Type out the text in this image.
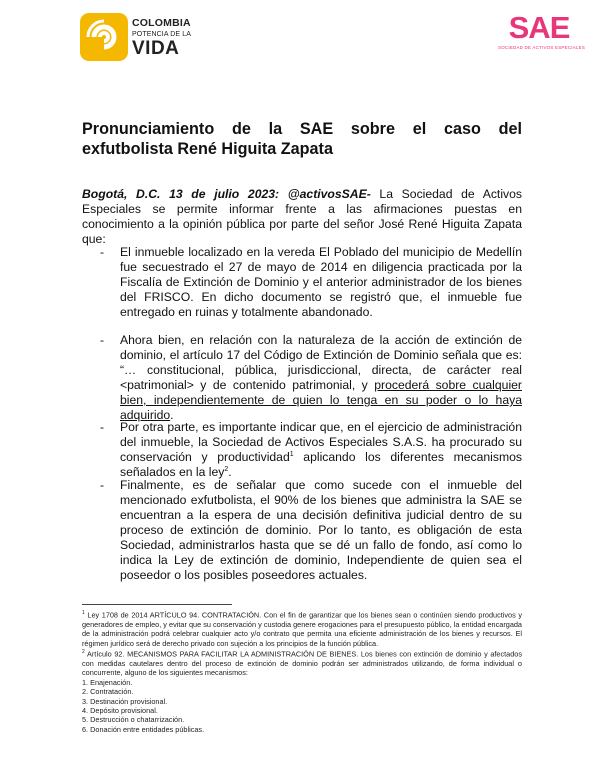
COLOMBIA
POTENCIA DE LA
VIDA
SAE
SOCIEDAD DE ACTIVOS ESPECIALES
Pronunciamiento de la SAE sobre el caso del exfutbolista René Higuita Zapata

Bogotá, D.C. 13 de julio 2023: @activosSAE- La Sociedad de Activos Especiales se permite informar frente a las afirmaciones puestas en conocimiento a la opinión pública por parte del señor José René Higuita Zapata que:

- El inmueble localizado en la vereda El Poblado del municipio de Medellín fue secuestrado el 27 de mayo de 2014 en diligencia practicada por la Fiscalía de Extinción de Dominio y el anterior administrador de los bienes del FRISCO. En dicho documento se registró que, el inmueble fue entregado en ruinas y totalmente abandonado.

- Ahora bien, en relación con la naturaleza de la acción de extinción de dominio, el artículo 17 del Código de Extinción de Dominio señala que es: “… constitucional, pública, jurisdiccional, directa, de carácter real <patrimonial> y de contenido patrimonial, y procederá sobre cualquier bien, independientemente de quien lo tenga en su poder o lo haya adquirido.

- Por otra parte, es importante indicar que, en el ejercicio de administración del inmueble, la Sociedad de Activos Especiales S.A.S. ha procurado su conservación y productividad$^1$ aplicando los diferentes mecanismos señalados en la ley$^2$.

- Finalmente, es de señalar que como sucede con el inmueble del mencionado exfutbolista, el 90% de los bienes que administra la SAE se encuentran a la espera de una decisión definitiva judicial dentro de su proceso de extinción de dominio. Por lo tanto, es obligación de esta Sociedad, administrarlos hasta que se dé un fallo de fondo, así como lo indica la Ley de extinción de dominio, Independiente de quien sea el poseedor o los posibles poseedores actuales.

$^1$ Ley 1708 de 2014 ARTÍCULO 94. CONTRATACIÓN. Con el fin de garantizar que los bienes sean o continúen siendo productivos y generadores de empleo, y evitar que su conservación y custodia genere erogaciones para el presupuesto público, la entidad encargada de la administración podrá celebrar cualquier acto y/o contrato que permita una eficiente administración de los bienes y recursos. El régimen jurídico será de derecho privado con sujeción a los principios de la función pública.

$^2$ Artículo 92. MECANISMOS PARA FACILITAR LA ADMINISTRACIÓN DE BIENES. Los bienes con extinción de dominio y afectados con medidas cautelares dentro del proceso de extinción de dominio podrán ser administrados utilizando, de forma individual o concurrente, alguno de los siguientes mecanismos:

1. Enajenación.

2. Contratación.

3. Destinación provisional.

4. Depósito provisional.

5. Destrucción o chatarrización.

6. Donación entre entidades públicas.
